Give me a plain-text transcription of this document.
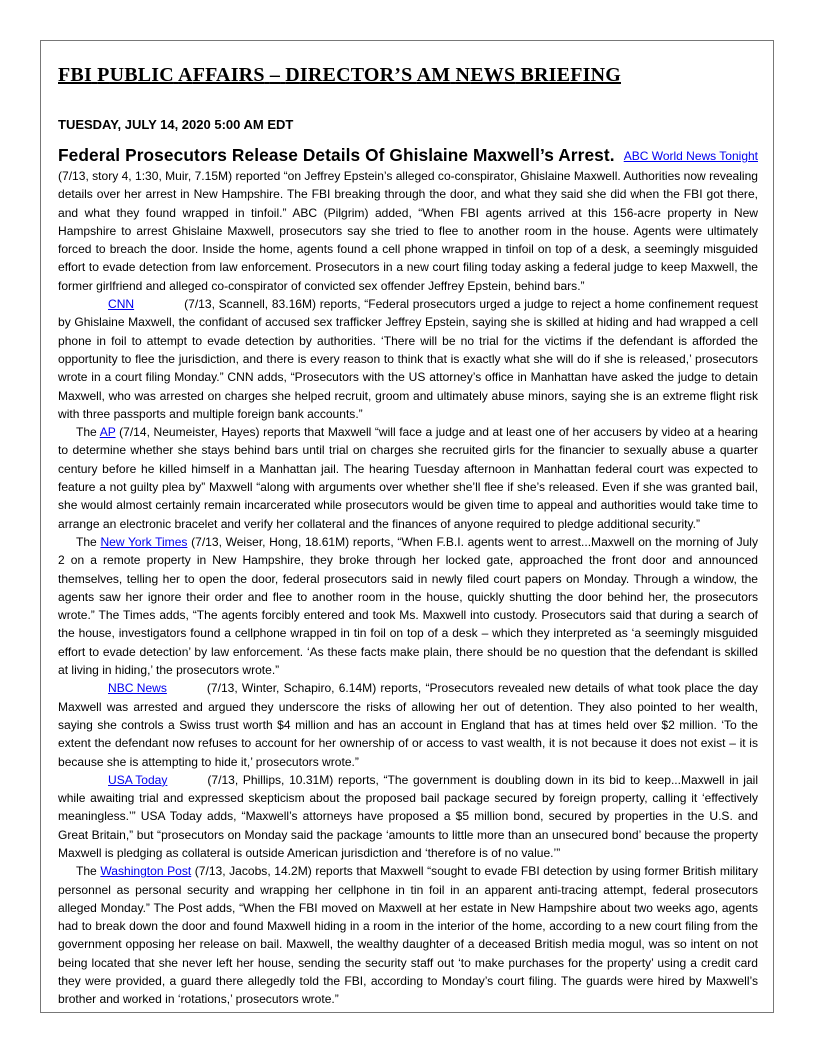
FBI PUBLIC AFFAIRS – DIRECTOR’S AM NEWS BRIEFING
TUESDAY, JULY 14, 2020 5:00 AM EDT
Federal Prosecutors Release Details Of Ghislaine Maxwell’s Arrest. ABC World News Tonight

(7/13, story 4, 1:30, Muir, 7.15M) reported “on Jeffrey Epstein’s alleged co-conspirator, Ghislaine Maxwell. Authorities now revealing details over her arrest in New Hampshire. The FBI breaking through the door, and what they said she did when the FBI got there, and what they found wrapped in tinfoil.” ABC (Pilgrim) added, “When FBI agents arrived at this 156-acre property in New Hampshire to arrest Ghislaine Maxwell, prosecutors say she tried to flee to another room in the house. Agents were ultimately forced to breach the door. Inside the home, agents found a cell phone wrapped in tinfoil on top of a desk, a seemingly misguided effort to evade detection from law enforcement. Prosecutors in a new court filing today asking a federal judge to keep Maxwell, the former girlfriend and alleged co-conspirator of convicted sex offender Jeffrey Epstein, behind bars.”

CNN	(7/13, Scannell, 83.16M) reports, “Federal prosecutors urged a judge to reject a home confinement request by Ghislaine Maxwell, the confidant of accused sex trafficker Jeffrey Epstein, saying she is skilled at hiding and had wrapped a cell phone in foil to attempt to evade detection by authorities. ‘There will be no trial for the victims if the defendant is afforded the opportunity to flee the jurisdiction, and there is every reason to think that is exactly what she will do if she is released,’ prosecutors wrote in a court filing Monday.” CNN adds, “Prosecutors with the US attorney’s office in Manhattan have asked the judge to detain Maxwell, who was arrested on charges she helped recruit, groom and ultimately abuse minors, saying she is an extreme flight risk with three passports and multiple foreign bank accounts.”

The AP (7/14, Neumeister, Hayes) reports that Maxwell “will face a judge and at least one of her accusers by video at a hearing to determine whether she stays behind bars until trial on charges she recruited girls for the financier to sexually abuse a quarter century before he killed himself in a Manhattan jail. The hearing Tuesday afternoon in Manhattan federal court was expected to feature a not guilty plea by” Maxwell “along with arguments over whether she’ll flee if she’s released. Even if she was granted bail, she would almost certainly remain incarcerated while prosecutors would be given time to appeal and authorities would take time to arrange an electronic bracelet and verify her collateral and the finances of anyone required to pledge additional security.”

The New York Times (7/13, Weiser, Hong, 18.61M) reports, “When F.B.I. agents went to arrest...Maxwell on the morning of July 2 on a remote property in New Hampshire, they broke through her locked gate, approached the front door and announced themselves, telling her to open the door, federal prosecutors said in newly filed court papers on Monday. Through a window, the agents saw her ignore their order and flee to another room in the house, quickly shutting the door behind her, the prosecutors wrote.” The Times adds, “The agents forcibly entered and took Ms. Maxwell into custody. Prosecutors said that during a search of the house, investigators found a cellphone wrapped in tin foil on top of a desk – which they interpreted as ‘a seemingly misguided effort to evade detection’ by law enforcement. ‘As these facts make plain, there should be no question that the defendant is skilled at living in hiding,’ the prosecutors wrote.”

NBC News	(7/13, Winter, Schapiro, 6.14M) reports, “Prosecutors revealed new details of what took place the day Maxwell was arrested and argued they underscore the risks of allowing her out of detention. They also pointed to her wealth, saying she controls a Swiss trust worth $4 million and has an account in England that has at times held over $2 million. ‘To the extent the defendant now refuses to account for her ownership of or access to vast wealth, it is not because it does not exist – it is because she is attempting to hide it,’ prosecutors wrote.”

USA Today	(7/13, Phillips, 10.31M) reports, “The government is doubling down in its bid to keep...Maxwell in jail while awaiting trial and expressed skepticism about the proposed bail package secured by foreign property, calling it ‘effectively meaningless.’” USA Today adds, “Maxwell’s attorneys have proposed a $5 million bond, secured by properties in the U.S. and Great Britain,” but “prosecutors on Monday said the package ‘amounts to little more than an unsecured bond’ because the property Maxwell is pledging as collateral is outside American jurisdiction and ‘therefore is of no value.’”

The Washington Post (7/13, Jacobs, 14.2M) reports that Maxwell “sought to evade FBI detection by using former British military personnel as personal security and wrapping her cellphone in tin foil in an apparent anti-tracing attempt, federal prosecutors alleged Monday.” The Post adds, “When the FBI moved on Maxwell at her estate in New Hampshire about two weeks ago, agents had to break down the door and found Maxwell hiding in a room in the interior of the home, according to a new court filing from the government opposing her release on bail. Maxwell, the wealthy daughter of a deceased British media mogul, was so intent on not being located that she never left her house, sending the security staff out ‘to make purchases for the property’ using a credit card they were provided, a guard there allegedly told the FBI, according to Monday’s court filing. The guards were hired by Maxwell’s brother and worked in ‘rotations,’ prosecutors wrote.”
